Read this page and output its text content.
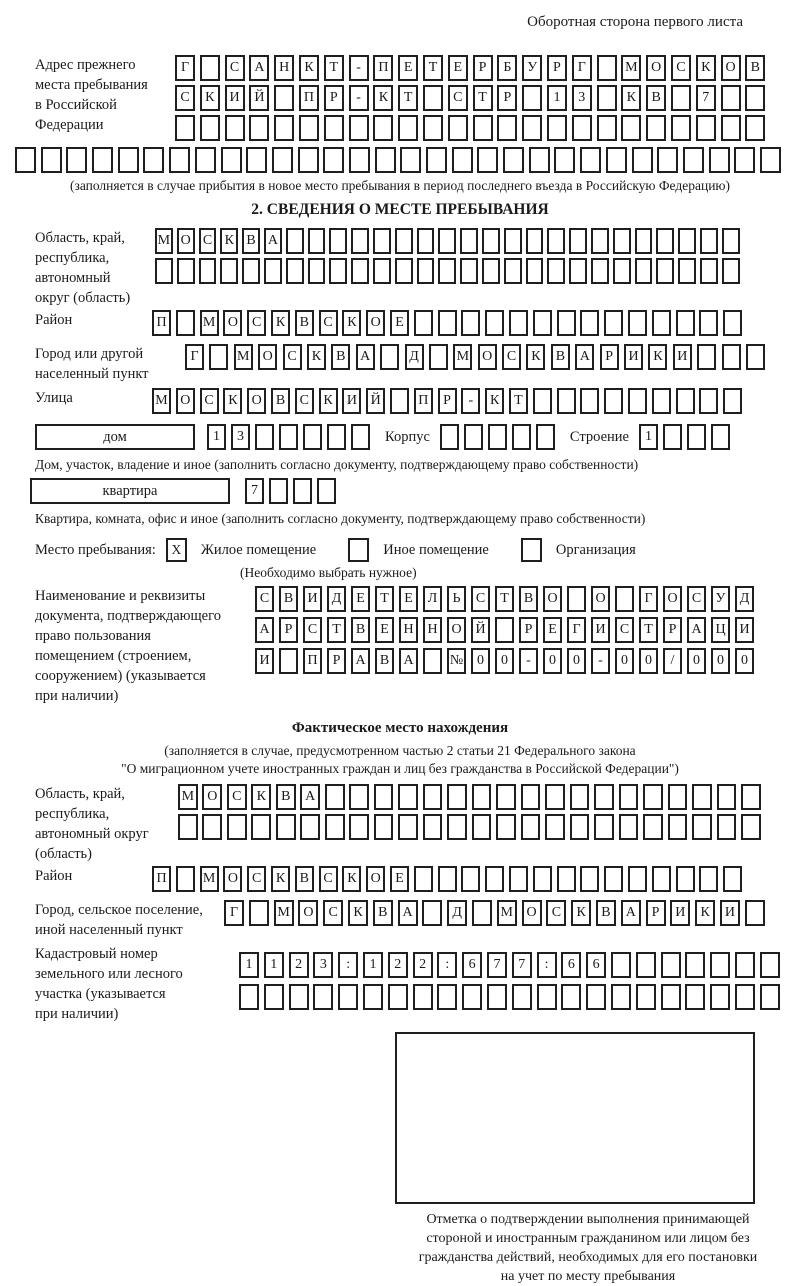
Оборотная сторона первого листа
Адрес прежнего
места пребывания
в Российской
Федерации
Г	С	А	Н	К	Т	-	П	Е	Т	Е	Р	Б	У	Р	Г	М О	С	К	О	В
С	К	И	Й	П	Р	-	К	Т	С	Т	Р	1	3	К	В	7
(заполняется в случае прибытия в новое место пребывания в период последнего въезда в Российскую Федерацию)
2. СВЕДЕНИЯ О МЕСТЕ ПРЕБЫВАНИЯ
Область, край,
республика,
автономный
округ (область)
М О С К В А
Район	П	М О	С	К	В	С	К	О	Е
Город или другой
населенный пункт
Г	М О	С	К	В	А	Д	М О	С	К	В	А	Р	И	К	И
Улица	М О	С	К	О	В	С	К	И Й	П	Р	-	К	Т
дом	1	3	Корпус	Строение	1
Дом, участок, владение и иное (заполнить согласно документу, подтверждающему право собственности)
квартира	7
Квартира, комната, офис и иное (заполнить согласно документу, подтверждающему право собственности)
Место пребывания:	X	Жилое помещение	Иное помещение	Организация
(Необходимо выбрать нужное)
Наименование и реквизиты
документа, подтверждающего
право пользования
помещением (строением,
сооружением) (указывается
при наличии)
С	В	И	Д	Е	Т	Е	Л	Ь	С	Т	В	О	О	Г	О	С	У	Д
А	Р	С	Т	В	Е	Н Н О Й	Р	Е	Г	И	С	Т	Р	А Ц И
И	П	Р	А	В	А	№ 0	0	-	0	0	-	0	0	/	0	0	0
Фактическое место нахождения
(заполняется в случае, предусмотренном частью 2 статьи 21 Федерального закона
"О миграционном учете иностранных граждан и лиц без гражданства в Российской Федерации")
Область, край,
республика,
автономный округ
(область)
М О	С	К	В	А
Район	П	М О	С	К	В	С	К	О	Е
Город, сельское поселение,
иной населенный пункт
Г	М О	С	К	В	А	Д	М О	С	К	В	А	Р	И	К	И
Кадастровый номер
земельного или лесного
участка (указывается
при наличии)
1	1	2	3	:	1	2	2	:	6	7	7	:	6	6
Отметка о подтверждении выполнения принимающей
стороной и иностранным гражданином или лицом без
гражданства действий, необходимых для его постановки
на учет по месту пребывания
